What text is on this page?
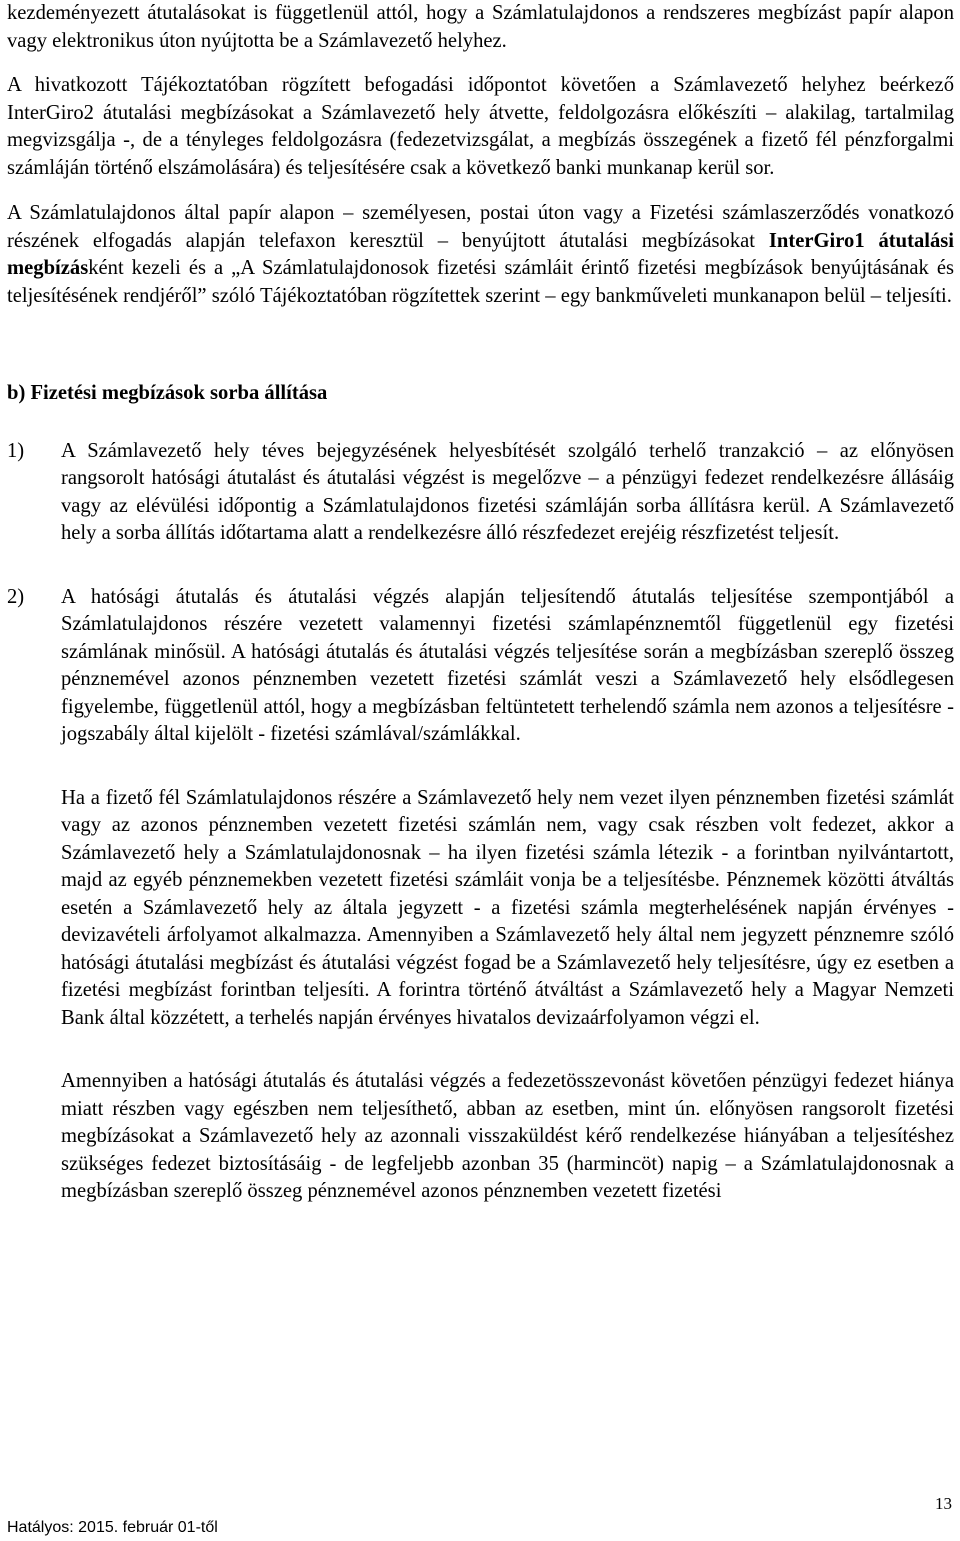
kezdeményezett átutalásokat is függetlenül attól, hogy a Számlatulajdonos a rendszeres megbízást papír alapon vagy elektronikus úton nyújtotta be a Számlavezető helyhez.

A hivatkozott Tájékoztatóban rögzített befogadási időpontot követően a Számlavezető helyhez beérkező InterGiro2 átutalási megbízásokat a Számlavezető hely átvette, feldolgozásra előkészíti – alakilag, tartalmilag megvizsgálja -, de a tényleges feldolgozásra (fedezetvizsgálat, a megbízás összegének a fizető fél pénzforgalmi számláján történő elszámolására) és teljesítésére csak a következő banki munkanap kerül sor.

A Számlatulajdonos által papír alapon – személyesen, postai úton vagy a Fizetési számlaszerződés vonatkozó részének elfogadás alapján telefaxon keresztül – benyújtott átutalási megbízásokat InterGiro1 átutalási megbízásként kezeli és a „A Számlatulajdonosok fizetési számláit érintő fizetési megbízások benyújtásának és teljesítésének rendjéről” szóló Tájékoztatóban rögzítettek szerint – egy bankműveleti munkanapon belül – teljesíti.

b) Fizetési megbízások sorba állítása

1)	A Számlavezető hely téves bejegyzésének helyesbítését szolgáló terhelő tranzakció – az előnyösen rangsorolt hatósági átutalást és átutalási végzést is megelőzve – a pénzügyi fedezet rendelkezésre állásáig vagy az elévülési időpontig a Számlatulajdonos fizetési számláján sorba állításra kerül. A Számlavezető hely a sorba állítás időtartama alatt a rendelkezésre álló részfedezet erejéig részfizetést teljesít.

2)	A hatósági átutalás és átutalási végzés alapján teljesítendő átutalás teljesítése szempontjából a Számlatulajdonos részére vezetett valamennyi fizetési számlapénznemtől függetlenül egy fizetési számlának minősül. A hatósági átutalás és átutalási végzés teljesítése során a megbízásban szereplő összeg pénznemével azonos pénznemben vezetett fizetési számlát veszi a Számlavezető hely elsődlegesen figyelembe, függetlenül attól, hogy a megbízásban feltüntetett terhelendő számla nem azonos a teljesítésre - jogszabály által kijelölt - fizetési számlával/számlákkal.

Ha a fizető fél Számlatulajdonos részére a Számlavezető hely nem vezet ilyen pénznemben fizetési számlát vagy az azonos pénznemben vezetett fizetési számlán nem, vagy csak részben volt fedezet, akkor a Számlavezető hely a Számlatulajdonosnak – ha ilyen fizetési számla létezik - a forintban nyilvántartott, majd az egyéb pénznemekben vezetett fizetési számláit vonja be a teljesítésbe. Pénznemek közötti átváltás esetén a Számlavezető hely az általa jegyzett - a fizetési számla megterhelésének napján érvényes - devizavételi árfolyamot alkalmazza. Amennyiben a Számlavezető hely által nem jegyzett pénznemre szóló hatósági átutalási megbízást és átutalási végzést fogad be a Számlavezető hely teljesítésre, úgy ez esetben a fizetési megbízást forintban teljesíti. A forintra történő átváltást a Számlavezető hely a Magyar Nemzeti Bank által közzétett, a terhelés napján érvényes hivatalos devizaárfolyamon végzi el.

Amennyiben a hatósági átutalás és átutalási végzés a fedezetösszevonást követően pénzügyi fedezet hiánya miatt részben vagy egészben nem teljesíthető, abban az esetben, mint ún. előnyösen rangsorolt fizetési megbízásokat a Számlavezető hely az azonnali visszaküldést kérő rendelkezése hiányában a teljesítéshez szükséges fedezet biztosításáig - de legfeljebb azonban 35 (harmincöt) napig – a Számlatulajdonosnak a megbízásban szereplő összeg pénznemével azonos pénznemben vezetett fizetési

13
Hatályos: 2015. február 01-től
